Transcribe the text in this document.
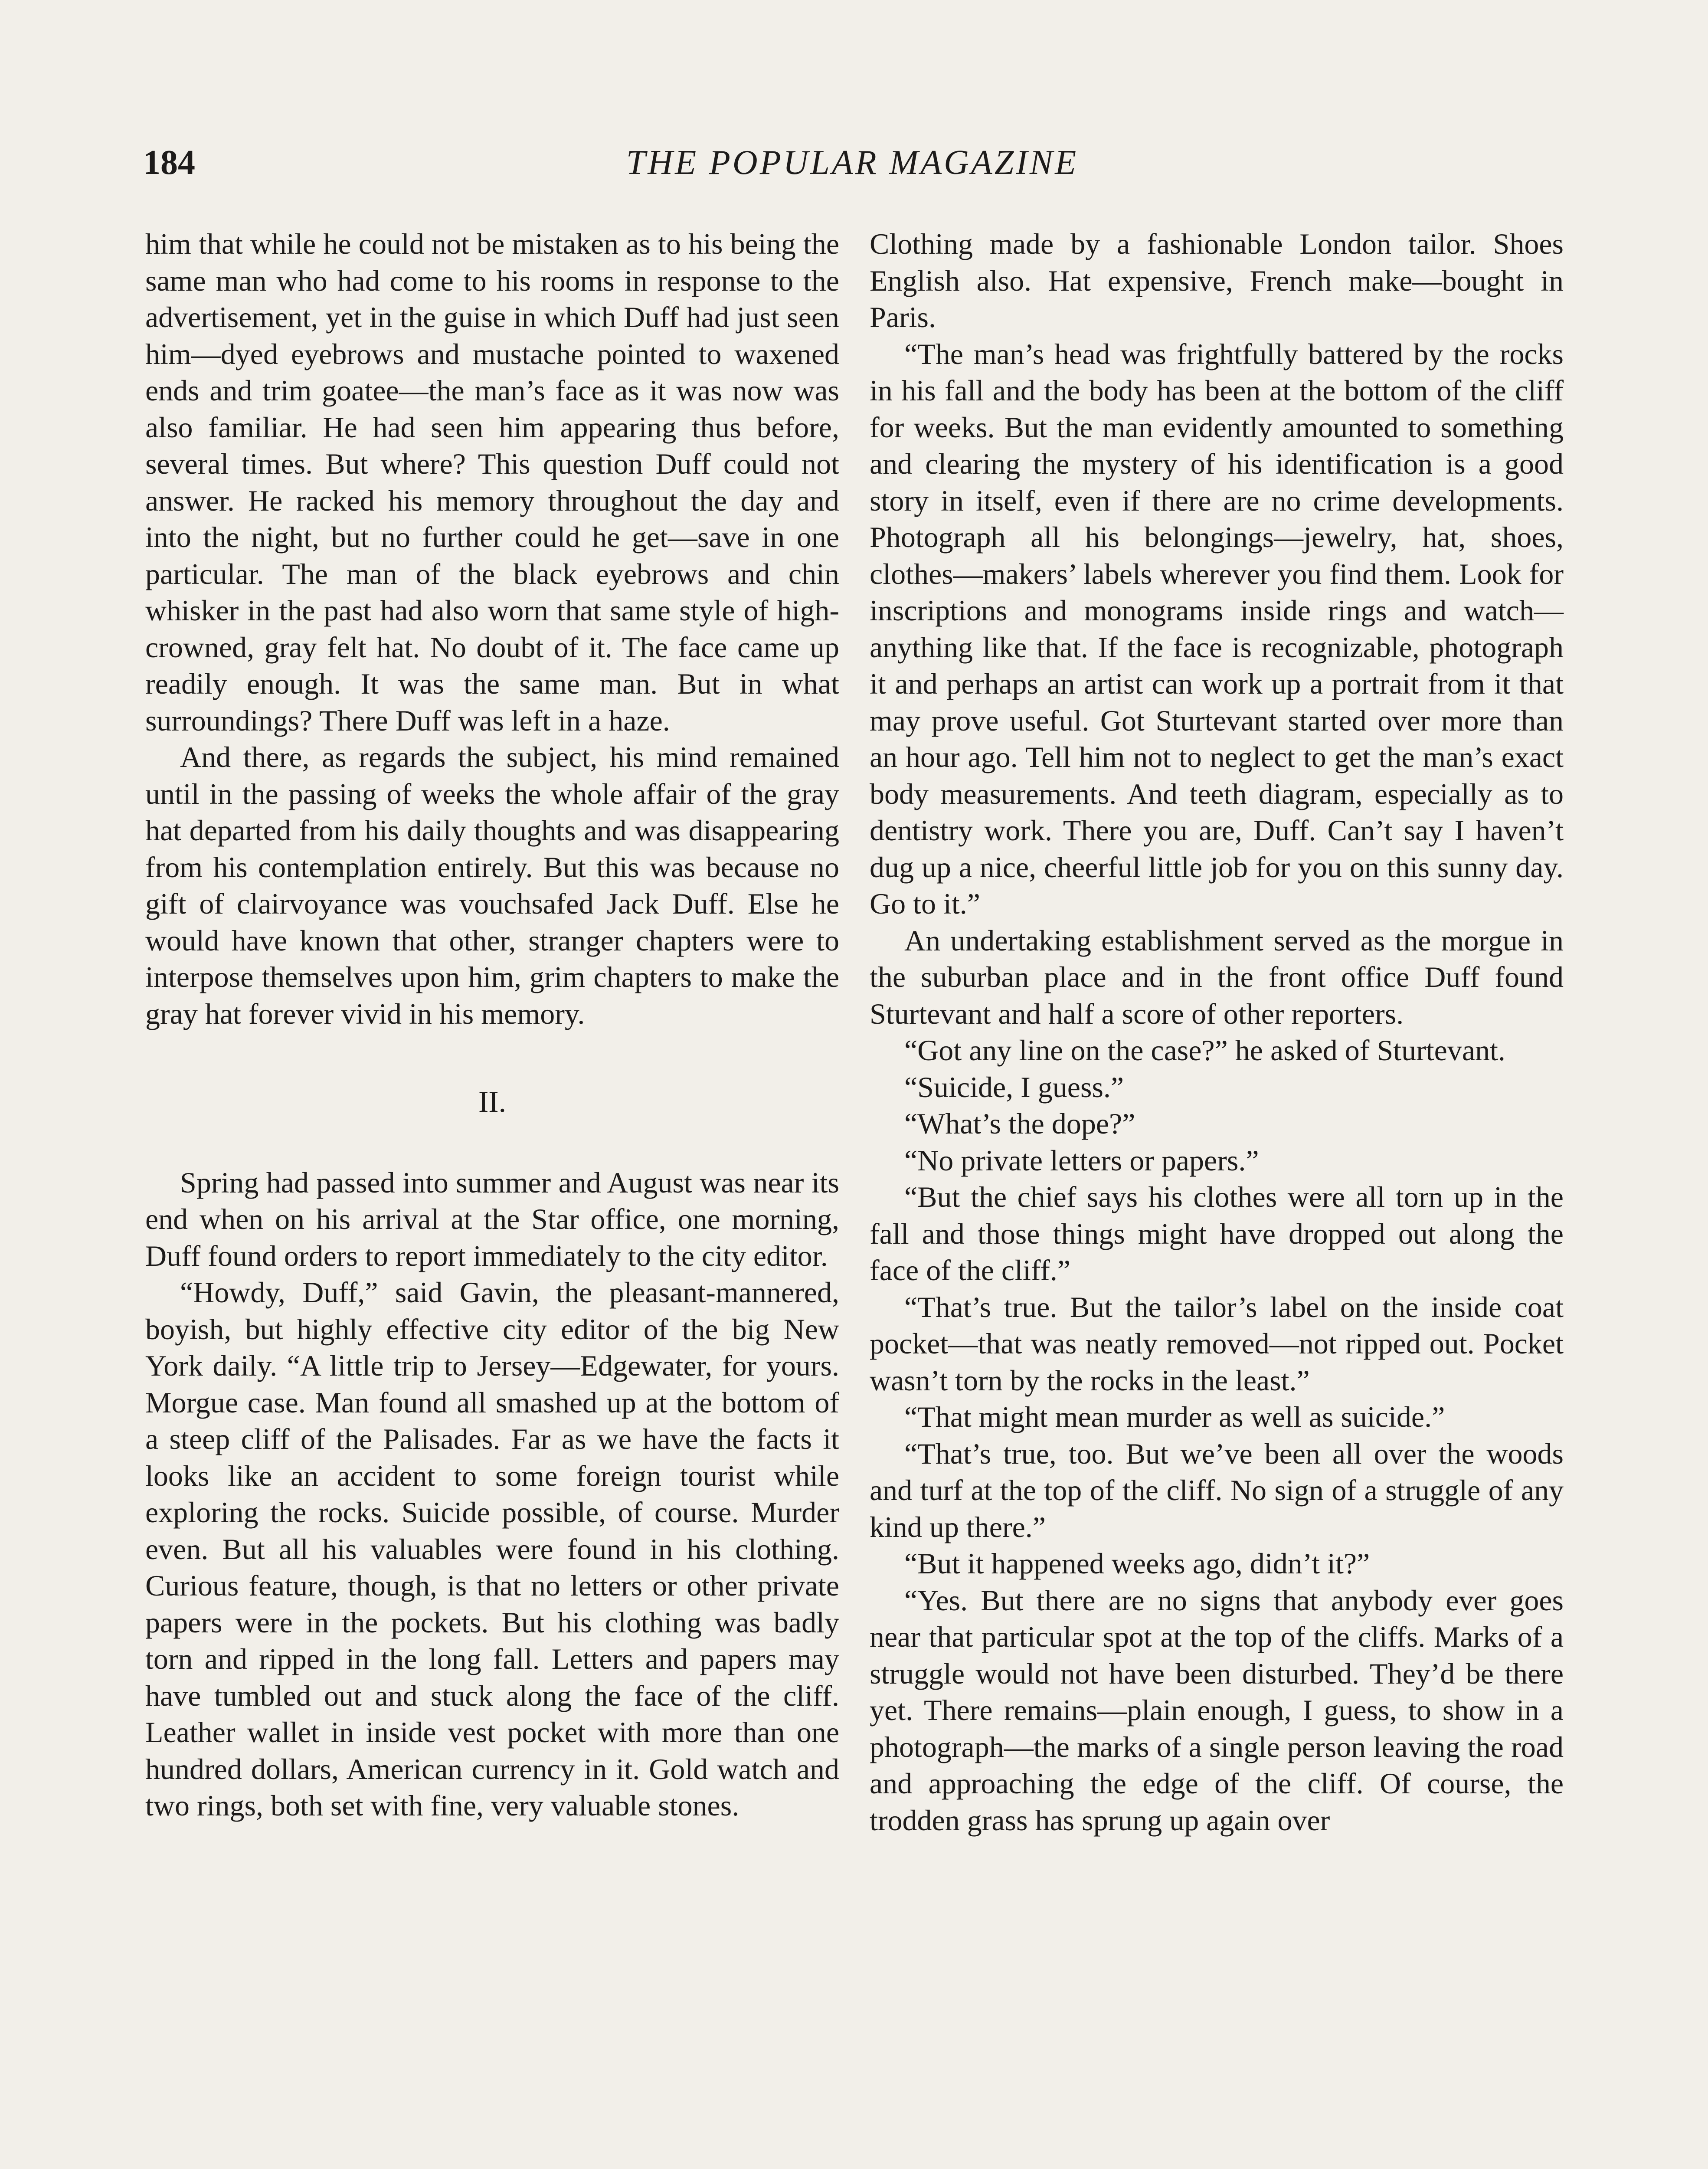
184	THE POPULAR MAGAZINE

him that while he could not be mistaken as to his being the same man who had come to his rooms in response to the advertisement, yet in the guise in which Duff had just seen him—dyed eyebrows and mustache pointed to waxened ends and trim goatee—the man’s face as it was now was also familiar. He had seen him appearing thus before, several times. But where? This question Duff could not answer. He racked his memory throughout the day and into the night, but no further could he get—save in one particular. The man of the black eyebrows and chin whisker in the past had also worn that same style of high-crowned, gray felt hat. No doubt of it. The face came up readily enough. It was the same man. But in what surroundings? There Duff was left in a haze.

And there, as regards the subject, his mind remained until in the passing of weeks the whole affair of the gray hat departed from his daily thoughts and was disappearing from his contemplation entirely. But this was because no gift of clairvoyance was vouchsafed Jack Duff. Else he would have known that other, stranger chapters were to interpose themselves upon him, grim chapters to make the gray hat forever vivid in his memory.

II.

Spring had passed into summer and August was near its end when on his arrival at the Star office, one morning, Duff found orders to report immediately to the city editor.

“Howdy, Duff,” said Gavin, the pleasant-mannered, boyish, but highly effective city editor of the big New York daily. “A little trip to Jersey—Edgewater, for yours. Morgue case. Man found all smashed up at the bottom of a steep cliff of the Palisades. Far as we have the facts it looks like an accident to some foreign tourist while exploring the rocks. Suicide possible, of course. Murder even. But all his valuables were found in his clothing. Curious feature, though, is that no letters or other private papers were in the pockets. But his clothing was badly torn and ripped in the long fall. Letters and papers may have tumbled out and stuck along the face of the cliff. Leather wallet in inside vest pocket with more than one hundred dollars, American currency in it. Gold watch and two rings, both set with fine, very valuable stones.

Clothing made by a fashionable London tailor. Shoes English also. Hat expensive, French make—bought in Paris.

“The man’s head was frightfully battered by the rocks in his fall and the body has been at the bottom of the cliff for weeks. But the man evidently amounted to something and clearing the mystery of his identification is a good story in itself, even if there are no crime developments. Photograph all his belongings—jewelry, hat, shoes, clothes—makers’ labels wherever you find them. Look for inscriptions and monograms inside rings and watch—anything like that. If the face is recognizable, photograph it and perhaps an artist can work up a portrait from it that may prove useful. Got Sturtevant started over more than an hour ago. Tell him not to neglect to get the man’s exact body measurements. And teeth diagram, especially as to dentistry work. There you are, Duff. Can’t say I haven’t dug up a nice, cheerful little job for you on this sunny day. Go to it.”

An undertaking establishment served as the morgue in the suburban place and in the front office Duff found Sturtevant and half a score of other reporters.

“Got any line on the case?” he asked of Sturtevant.

“Suicide, I guess.”

“What’s the dope?”

“No private letters or papers.”

“But the chief says his clothes were all torn up in the fall and those things might have dropped out along the face of the cliff.”

“That’s true. But the tailor’s label on the inside coat pocket—that was neatly removed—not ripped out. Pocket wasn’t torn by the rocks in the least.”

“That might mean murder as well as suicide.”

“That’s true, too. But we’ve been all over the woods and turf at the top of the cliff. No sign of a struggle of any kind up there.”

“But it happened weeks ago, didn’t it?”

“Yes. But there are no signs that anybody ever goes near that particular spot at the top of the cliffs. Marks of a struggle would not have been disturbed. They’d be there yet. There remains—plain enough, I guess, to show in a photograph—the marks of a single person leaving the road and approaching the edge of the cliff. Of course, the trodden grass has sprung up again over
